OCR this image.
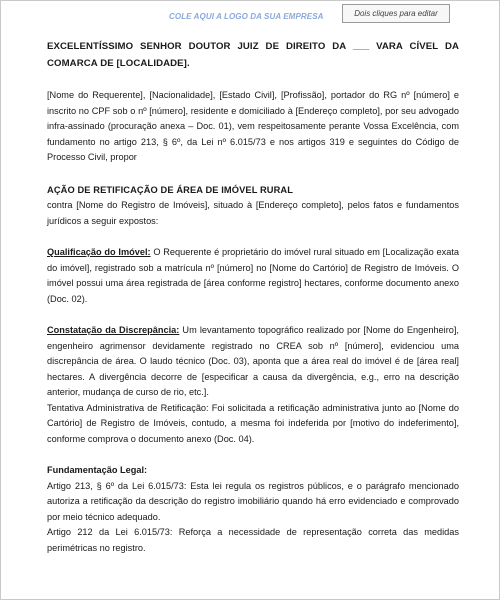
COLE AQUI A LOGO DA SUA EMPRESA	Dois cliques para editar

EXCELENTÍSSIMO SENHOR DOUTOR JUIZ DE DIREITO DA ___ VARA CÍVEL DA COMARCA DE [LOCALIDADE].

[Nome do Requerente], [Nacionalidade], [Estado Civil], [Profissão], portador do RG nº [número] e inscrito no CPF sob o nº [número], residente e domiciliado à [Endereço completo], por seu advogado infra-assinado (procuração anexa – Doc. 01), vem respeitosamente perante Vossa Excelência, com fundamento no artigo 213, § 6º, da Lei nº 6.015/73 e nos artigos 319 e seguintes do Código de Processo Civil, propor

AÇÃO DE RETIFICAÇÃO DE ÁREA DE IMÓVEL RURAL

contra [Nome do Registro de Imóveis], situado à [Endereço completo], pelos fatos e fundamentos jurídicos a seguir expostos:

Qualificação do Imóvel: O Requerente é proprietário do imóvel rural situado em [Localização exata do imóvel], registrado sob a matrícula nº [número] no [Nome do Cartório] de Registro de Imóveis. O imóvel possui uma área registrada de [área conforme registro] hectares, conforme documento anexo (Doc. 02).

Constatação da Discrepância: Um levantamento topográfico realizado por [Nome do Engenheiro], engenheiro agrimensor devidamente registrado no CREA sob nº [número], evidenciou uma discrepância de área. O laudo técnico (Doc. 03), aponta que a área real do imóvel é de [área real] hectares. A divergência decorre de [especificar a causa da divergência, e.g., erro na descrição anterior, mudança de curso de rio, etc.].

Tentativa Administrativa de Retificação: Foi solicitada a retificação administrativa junto ao [Nome do Cartório] de Registro de Imóveis, contudo, a mesma foi indeferida por [motivo do indeferimento], conforme comprova o documento anexo (Doc. 04).

Fundamentação Legal:

Artigo 213, § 6º da Lei 6.015/73: Esta lei regula os registros públicos, e o parágrafo mencionado autoriza a retificação da descrição do registro imobiliário quando há erro evidenciado e comprovado por meio técnico adequado.

Artigo 212 da Lei 6.015/73: Reforça a necessidade de representação correta das medidas perimétricas no registro.
